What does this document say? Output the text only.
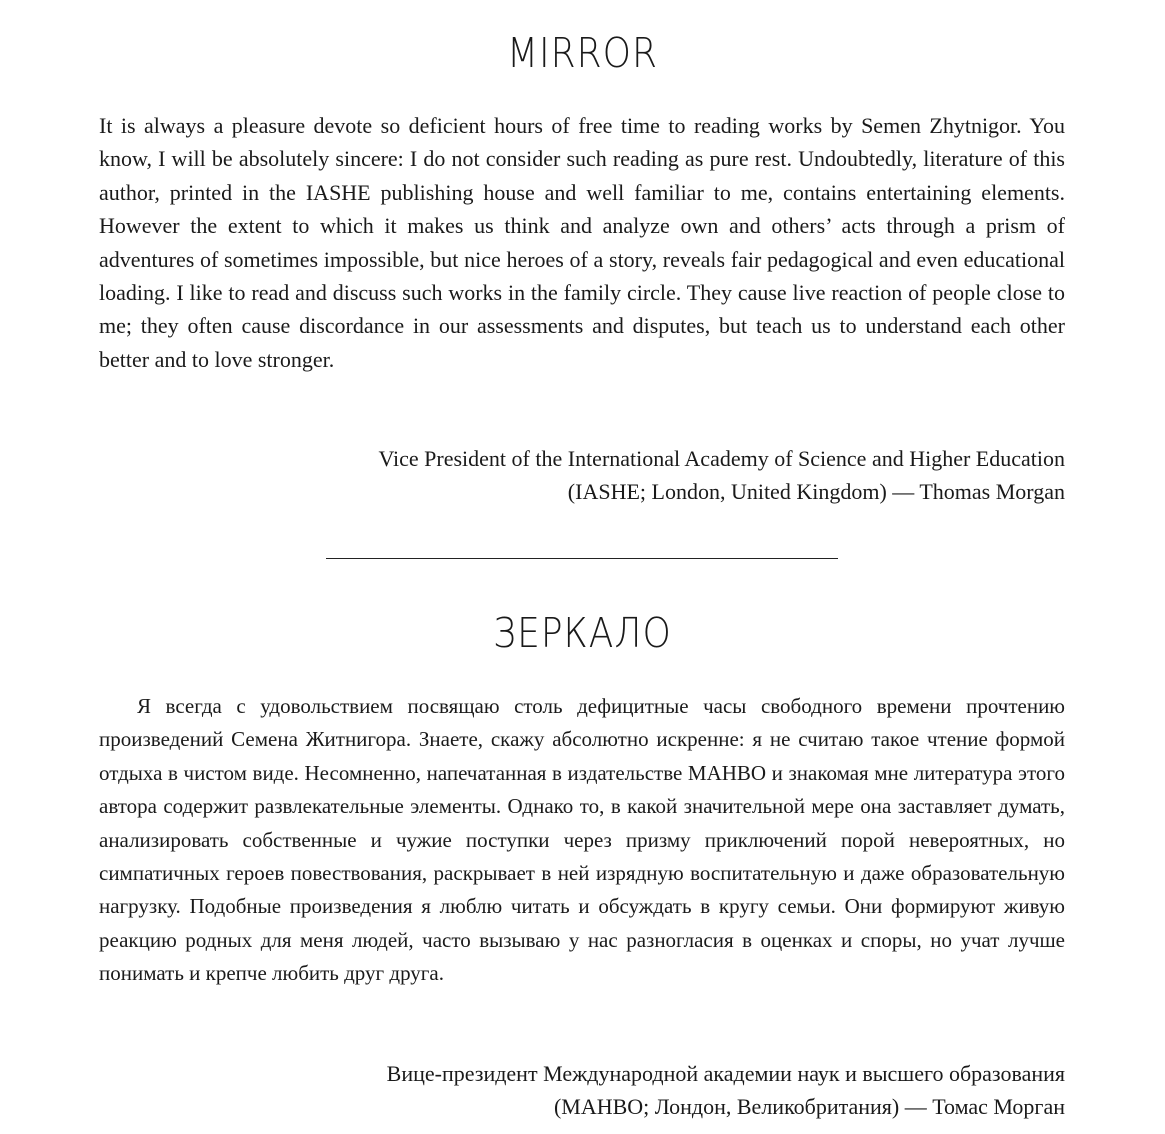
MIRROR

It is always a pleasure devote so deficient hours of free time to reading works by Semen Zhytnigor. You know, I will be absolutely sincere: I do not consider such reading as pure rest. Undoubtedly, literature of this author, printed in the IASHE publishing house and well familiar to me, contains entertaining elements. However the extent to which it makes us think and analyze own and others’ acts through a prism of adventures of sometimes impossible, but nice heroes of a story, reveals fair pedagogical and even educational loading. I like to read and discuss such works in the family circle. They cause live reaction of people close to me; they often cause discordance in our assessments and disputes, but teach us to understand each other better and to love stronger.

Vice President of the International Academy of Science and Higher Education
(IASHE; London, United Kingdom) — Thomas Morgan
ЗЕРКАЛО

Я всегда с удовольствием посвящаю столь дефицитные часы свободного времени прочтению произведений Семена Житнигора. Знаете, скажу абсолютно искренне: я не считаю такое чтение формой отдыха в чистом виде. Несомненно, напечатанная в издательстве МАНВО и знакомая мне литература этого автора содержит развлекательные элементы. Однако то, в какой значительной мере она заставляет думать, анализировать собственные и чужие поступки через призму приключений порой невероятных, но симпатичных героев повествования, раскрывает в ней изрядную воспитательную и даже образовательную нагрузку. Подобные произведения я люблю читать и обсуждать в кругу семьи. Они формируют живую реакцию родных для меня людей, часто вызываю у нас разногласия в оценках и споры, но учат лучше понимать и крепче любить друг друга.

Вице-президент Международной академии наук и высшего образования
(МАНВО; Лондон, Великобритания) — Томас Морган
